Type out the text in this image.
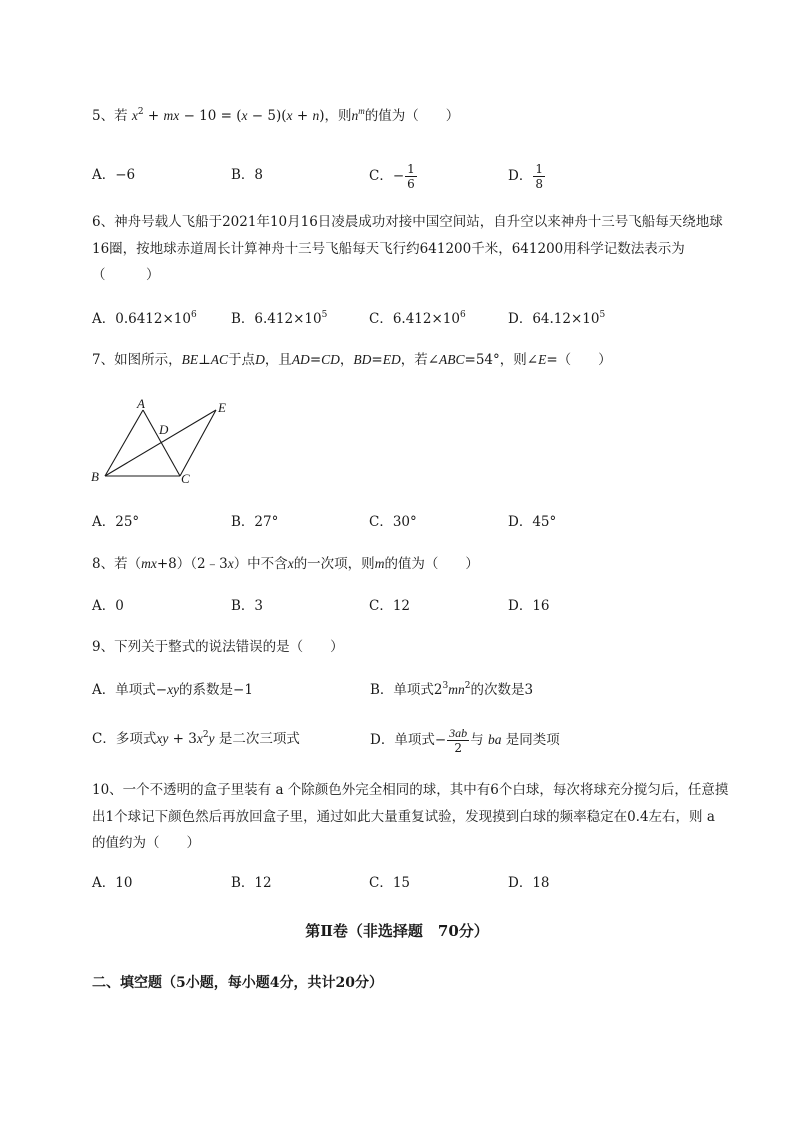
5、若 $x^2$ + mx − 10 = (x − 5)(x + n)，则$n^m$的值为（　　）
A．−6	B．8	C．− $\frac{1}{6}$	D． $\frac{1}{8}$
6、神舟号载人飞船于2021年10月16日凌晨成功对接中国空间站，自升空以来神舟十三号飞船每天绕地球16圈，按地球赤道周长计算神舟十三号飞船每天飞行约641200千米，641200用科学记数法表示为（　　　）
A．$0.6412\times 10^6$	B．$6.412\times 10^5$	C．$6.412\times 10^6$	D．$64.12\times 10^5$
7、如图所示，BE⊥AC于点D，且AD=CD，BD=ED，若∠ABC=54°，则∠E=（　　）
A
B	C
D
E
A．25°	B．27°	C．30°	D．45°
8、若（mx+8）（2﹣3x）中不含x的一次项，则m的值为（　　）
A．0	B．3	C．12	D．16
9、下列关于整式的说法错误的是（　　）
A．单项式−xy的系数是−1	B．单项式$2^3mn^2$的次数是3
C．多项式xy + $3x^2y$ 是二次三项式	D．单项式− $\frac{3ab}{2}$ 与 ba 是同类项
10、一个不透明的盒子里装有 a 个除颜色外完全相同的球，其中有6个白球，每次将球充分搅匀后，任意摸出1个球记下颜色然后再放回盒子里，通过如此大量重复试验，发现摸到白球的频率稳定在0.4左右，则 a 的值约为（　　）
A．10	B．12	C．15	D．18
第Ⅱ卷（非选择题　70分）
二、填空题（5小题，每小题4分，共计20分）
